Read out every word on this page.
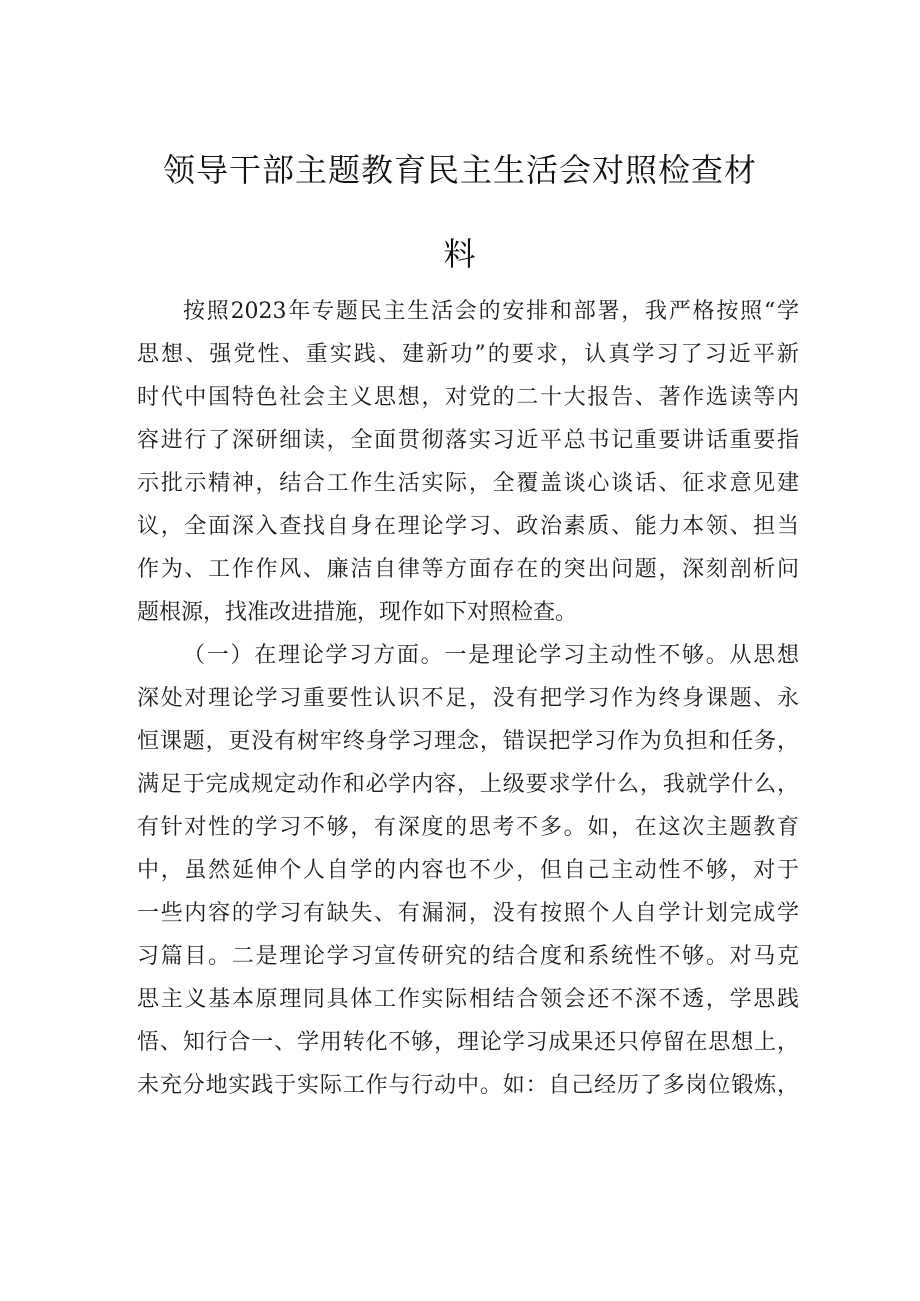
领导干部主题教育民主生活会对照检查材
料
按照2023年专题民主生活会的安排和部署，我严格按照“学
思想、强党性、重实践、建新功”的要求，认真学习了习近平新
时代中国特色社会主义思想，对党的二十大报告、著作选读等内
容进行了深研细读，全面贯彻落实习近平总书记重要讲话重要指
示批示精神，结合工作生活实际，全覆盖谈心谈话、征求意见建
议，全面深入查找自身在理论学习、政治素质、能力本领、担当
作为、工作作风、廉洁自律等方面存在的突出问题，深刻剖析问
题根源，找准改进措施，现作如下对照检查。
（一）在理论学习方面。一是理论学习主动性不够。从思想
深处对理论学习重要性认识不足，没有把学习作为终身课题、永
恒课题，更没有树牢终身学习理念，错误把学习作为负担和任务，
满足于完成规定动作和必学内容，上级要求学什么，我就学什么，
有针对性的学习不够，有深度的思考不多。如，在这次主题教育
中，虽然延伸个人自学的内容也不少，但自己主动性不够，对于
一些内容的学习有缺失、有漏洞，没有按照个人自学计划完成学
习篇目。二是理论学习宣传研究的结合度和系统性不够。对马克
思主义基本原理同具体工作实际相结合领会还不深不透，学思践
悟、知行合一、学用转化不够，理论学习成果还只停留在思想上，
未充分地实践于实际工作与行动中。如：自己经历了多岗位锻炼，
